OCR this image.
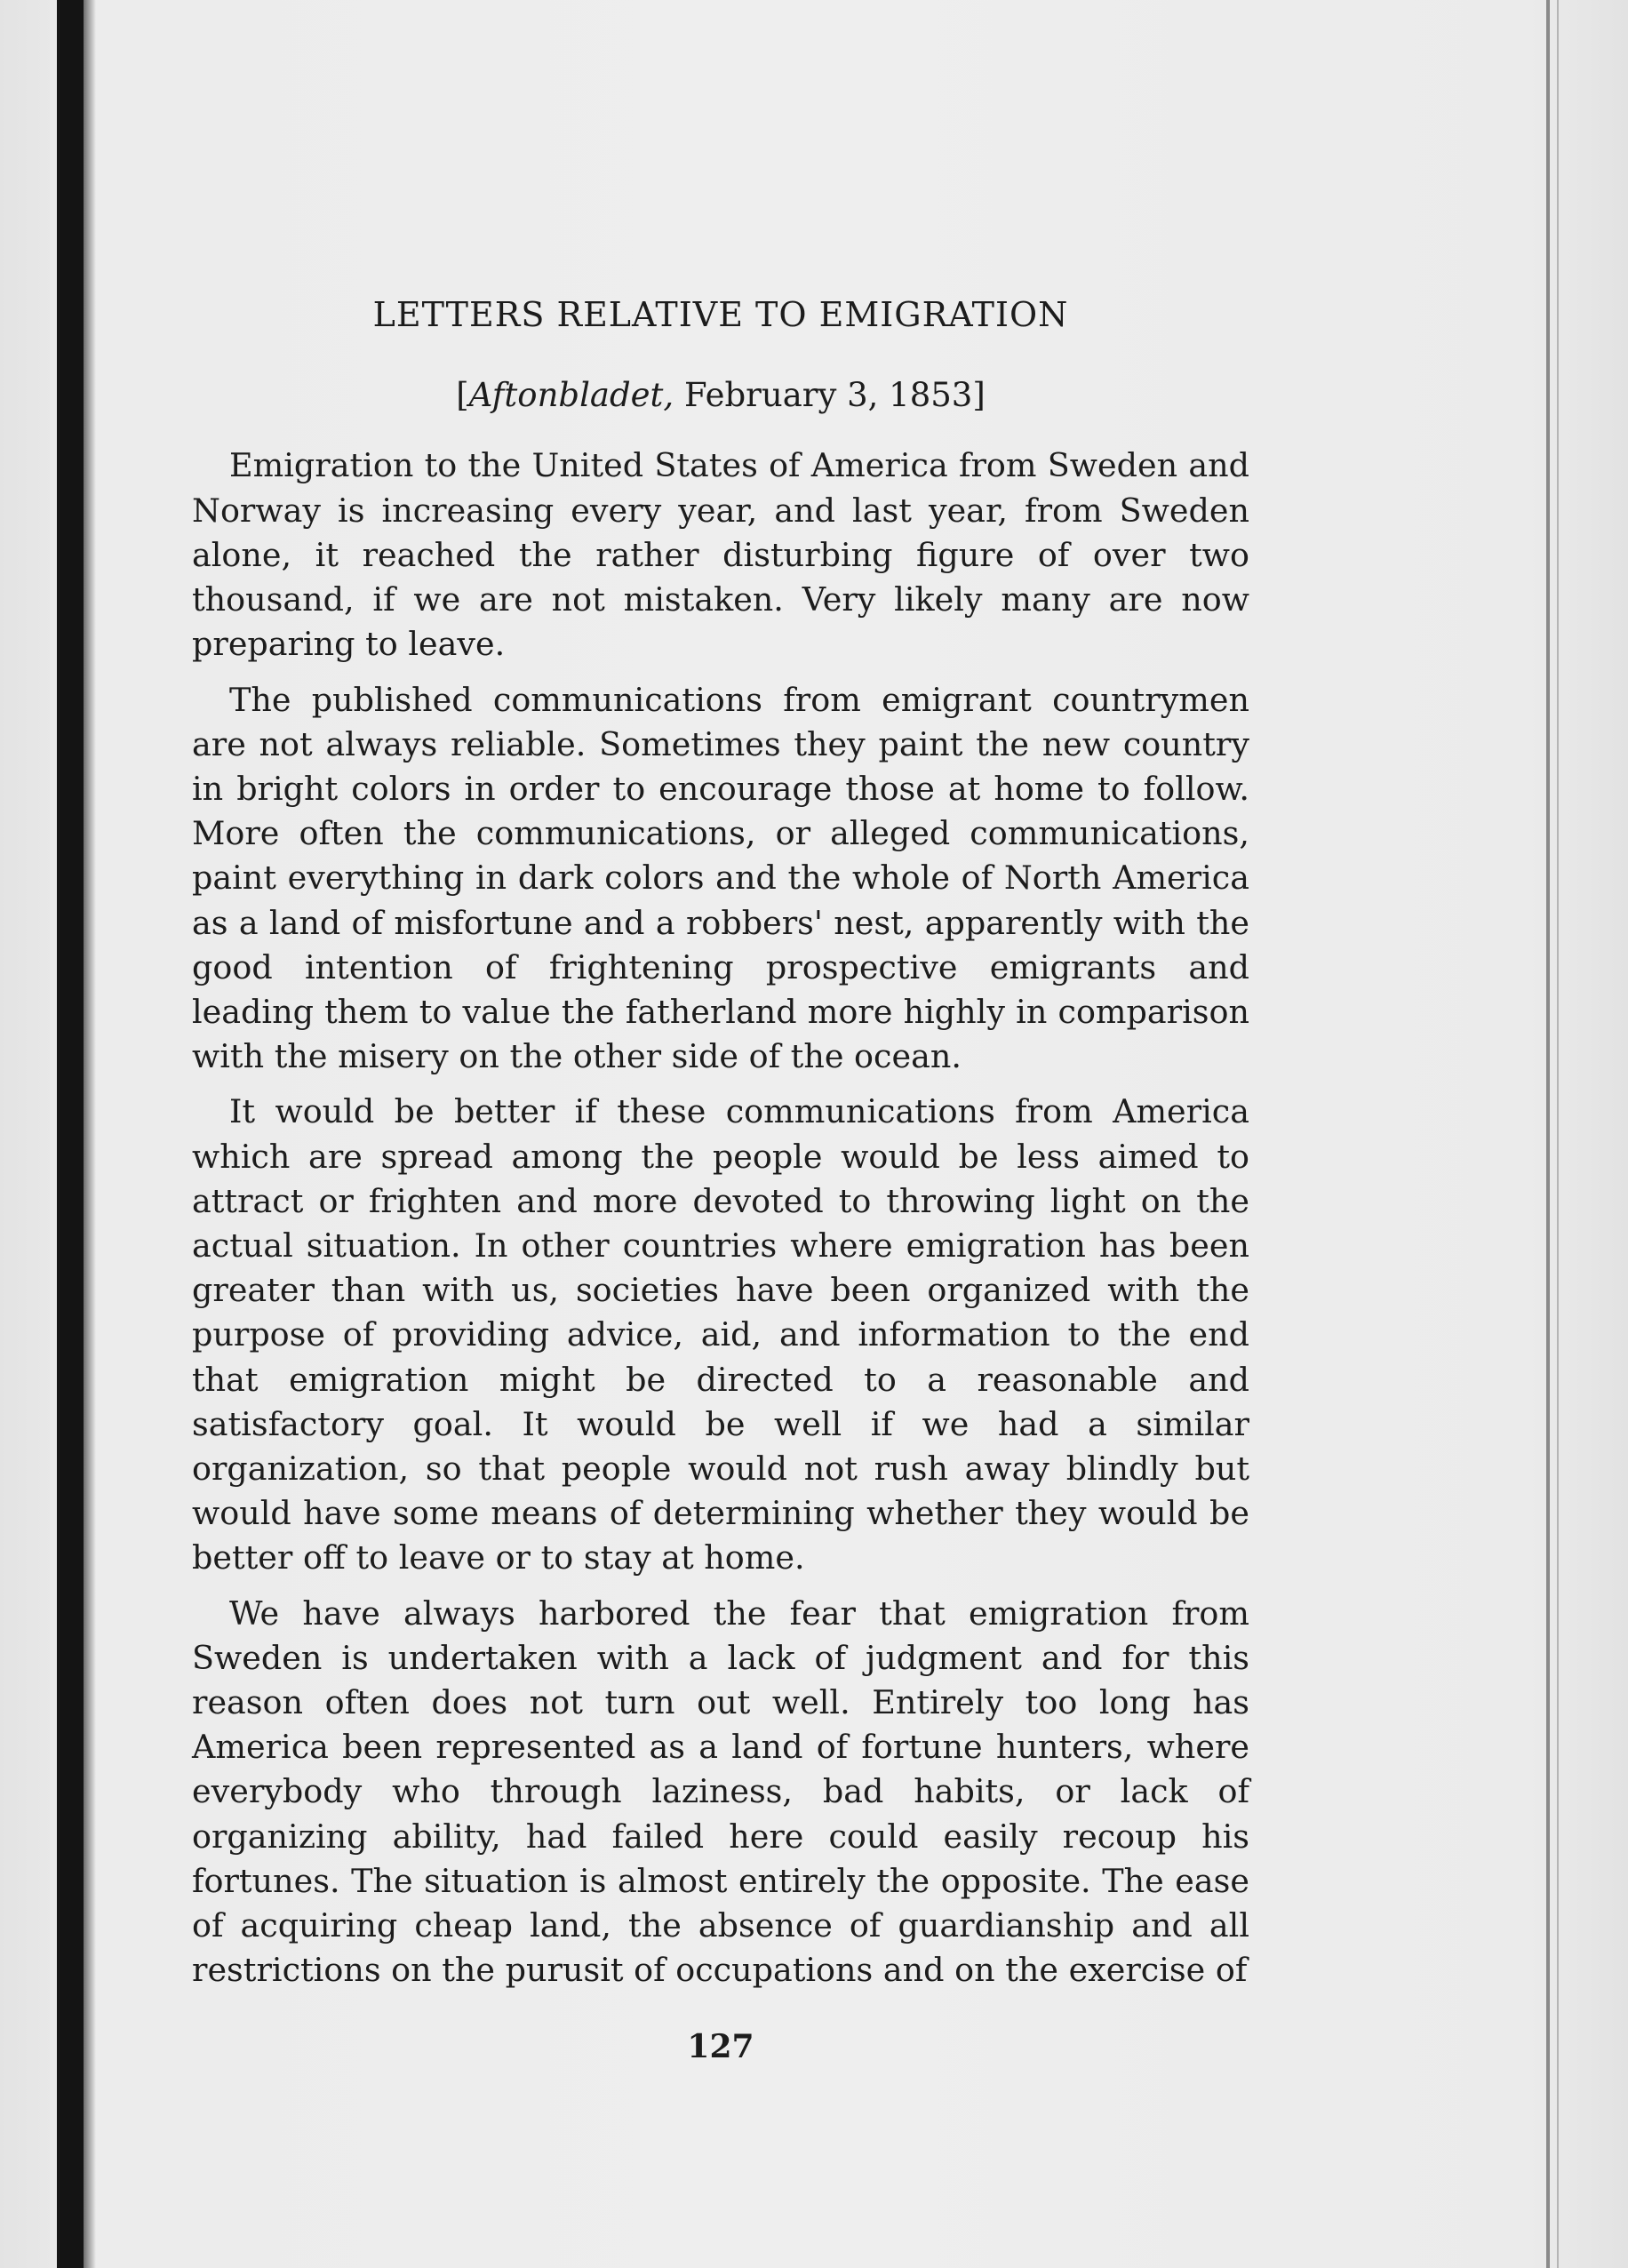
LETTERS RELATIVE TO EMIGRATION
[Aftonbladet, February 3, 1853]

Emigration to the United States of America from Sweden and Norway is increasing every year, and last year, from Sweden alone, it reached the rather disturbing figure of over two thousand, if we are not mistaken. Very likely many are now preparing to leave.

The published communications from emigrant countrymen are not always reliable. Sometimes they paint the new country in bright colors in order to encourage those at home to follow. More often the communications, or alleged communications, paint everything in dark colors and the whole of North America as a land of misfortune and a robbers' nest, apparently with the good intention of frightening prospective emigrants and leading them to value the fatherland more highly in comparison with the misery on the other side of the ocean.

It would be better if these communications from America which are spread among the people would be less aimed to attract or frighten and more devoted to throwing light on the actual situation. In other countries where emigration has been greater than with us, societies have been organized with the purpose of providing advice, aid, and information to the end that emigration might be directed to a reasonable and satisfactory goal. It would be well if we had a similar organization, so that people would not rush away blindly but would have some means of determining whether they would be better off to leave or to stay at home.

We have always harbored the fear that emigration from Sweden is undertaken with a lack of judgment and for this reason often does not turn out well. Entirely too long has America been represented as a land of fortune hunters, where everybody who through laziness, bad habits, or lack of organizing ability, had failed here could easily recoup his fortunes. The situation is almost entirely the opposite. The ease of acquiring cheap land, the absence of guardianship and all restrictions on the purusit of occupations and on the exercise of

127
